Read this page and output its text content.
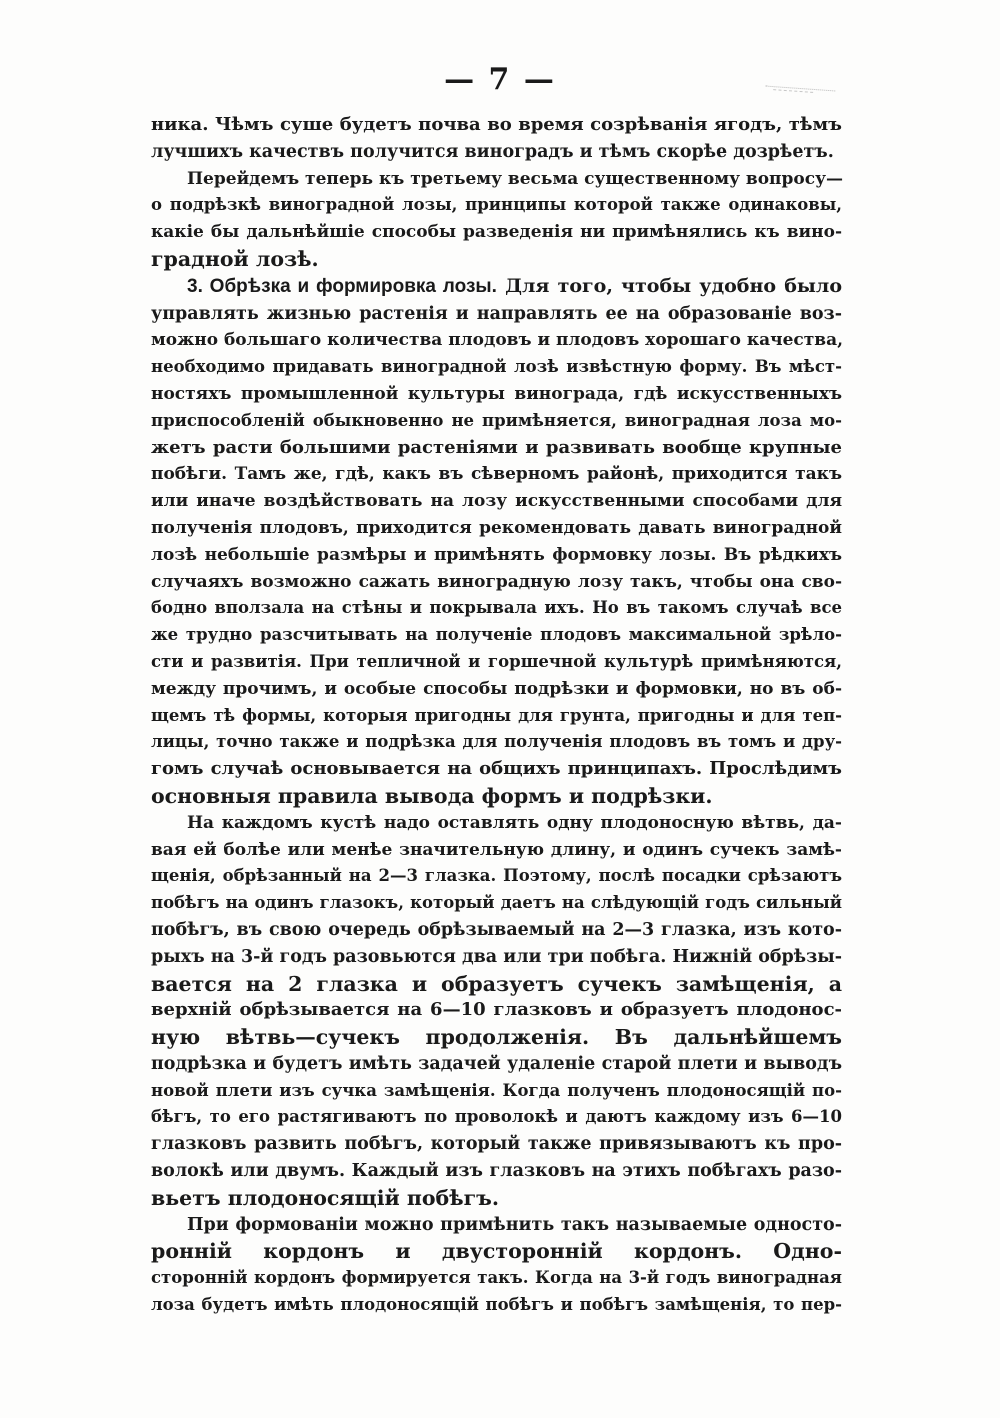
— 7 —

ника. Чѣмъ суше будетъ почва во время созрѣванія ягодъ, тѣмъ
лучшихъ качествъ получится виноградъ и тѣмъ скорѣе дозрѣетъ.

Перейдемъ теперь къ третьему весьма существенному вопросу—
о подрѣзкѣ виноградной лозы, принципы которой также одинаковы,
какіе бы дальнѣйшіе способы разведенія ни примѣнялись къ вино-
градной лозѣ.

3. Обрѣзка и формировка лозы. Для того, чтобы удобно было
управлять жизнью растенія и направлять ее на образованіе воз-
можно большаго количества плодовъ и плодовъ хорошаго качества,
необходимо придавать виноградной лозѣ извѣстную форму. Въ мѣст-
ностяхъ промышленной культуры винограда, гдѣ искусственныхъ
приспособленій обыкновенно не примѣняется, виноградная лоза мо-
жетъ расти большими растеніями и развивать вообще крупные
побѣги. Тамъ же, гдѣ, какъ въ сѣверномъ районѣ, приходится такъ
или иначе воздѣйствовать на лозу искусственными способами для
полученія плодовъ, приходится рекомендовать давать виноградной
лозѣ небольшіе размѣры и примѣнять формовку лозы. Въ рѣдкихъ
случаяхъ возможно сажать виноградную лозу такъ, чтобы она сво-
бодно вползала на стѣны и покрывала ихъ. Но въ такомъ случаѣ все
же трудно разсчитывать на полученіе плодовъ максимальной зрѣло-
сти и развитія. При тепличной и горшечной культурѣ примѣняются,
между прочимъ, и особые способы подрѣзки и формовки, но въ об-
щемъ тѣ формы, которыя пригодны для грунта, пригодны и для теп-
лицы, точно также и подрѣзка для полученія плодовъ въ томъ и дру-
гомъ случаѣ основывается на общихъ принципахъ. Прослѣдимъ
основныя правила вывода формъ и подрѣзки.

На каждомъ кустѣ надо оставлять одну плодоносную вѣтвь, да-
вая ей болѣе или менѣе значительную длину, и одинъ сучекъ замѣ-
щенія, обрѣзанный на 2—3 глазка. Поэтому, послѣ посадки срѣзаютъ
побѣгъ на одинъ глазокъ, который даетъ на слѣдующій годъ сильный
побѣгъ, въ свою очередь обрѣзываемый на 2—3 глазка, изъ кото-
рыхъ на 3-й годъ разовьются два или три побѣга. Нижній обрѣзы-
вается на 2 глазка и образуетъ сучекъ замѣщенія, а
верхній обрѣзывается на 6—10 глазковъ и образуетъ плодонос-
ную вѣтвь—сучекъ продолженія. Въ дальнѣйшемъ
подрѣзка и будетъ имѣть задачей удаленіе старой плети и выводъ
новой плети изъ сучка замѣщенія. Когда полученъ плодоносящій по-
бѣгъ, то его растягиваютъ по проволокѣ и даютъ каждому изъ 6—10
глазковъ развить побѣгъ, который также привязываютъ къ про-
волокѣ или двумъ. Каждый изъ глазковъ на этихъ побѣгахъ разо-
вьетъ плодоносящій побѣгъ.

При формованіи можно примѣнить такъ называемые односто-
ронній кордонъ и двусторонній кордонъ. Одно-
сторонній кордонъ формируется такъ. Когда на 3-й годъ виноградная
лоза будетъ имѣть плодоносящій побѣгъ и побѣгъ замѣщенія, то пер-
